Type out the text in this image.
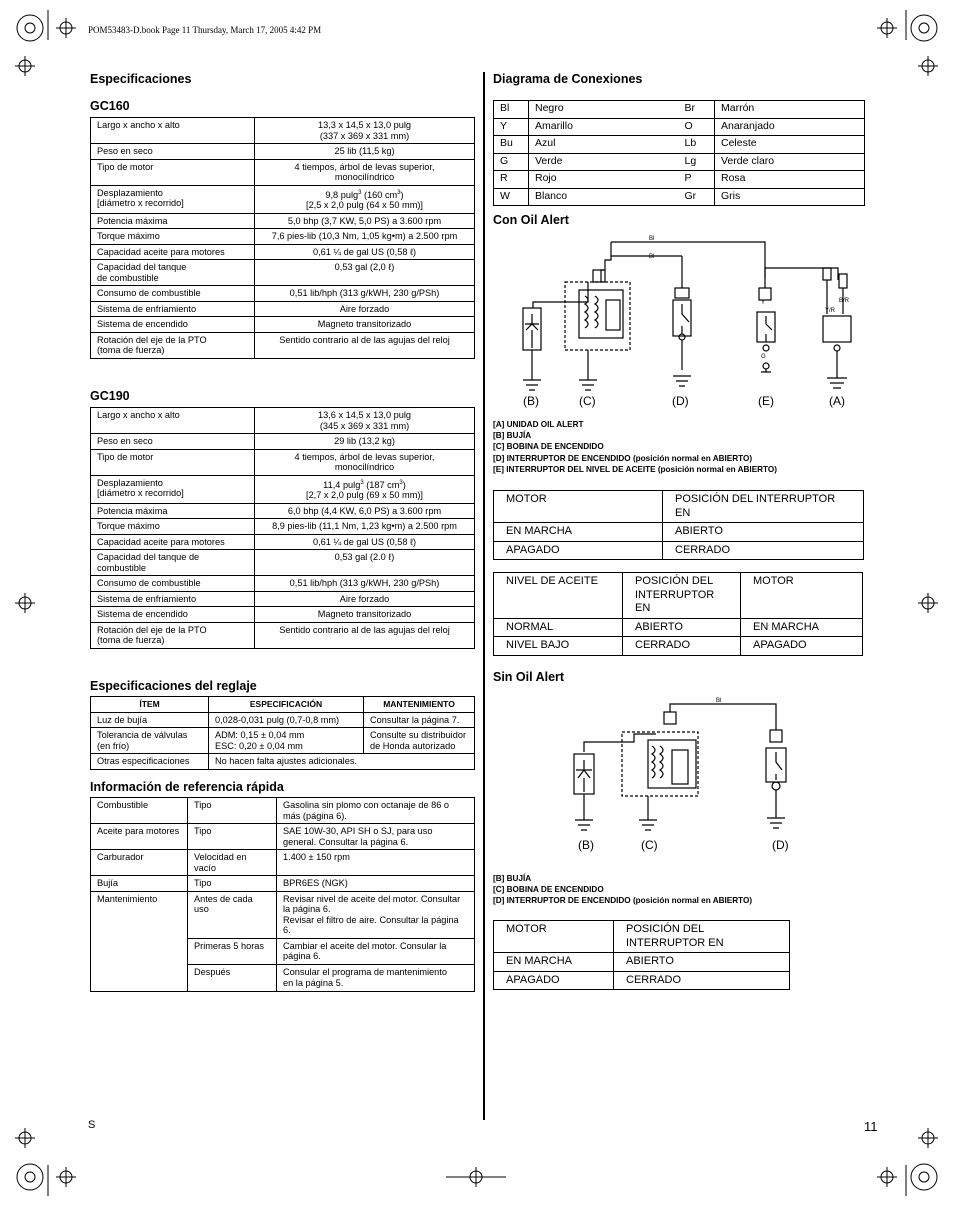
POM53483-D.book Page 11 Thursday, March 17, 2005 4:42 PM
Especificaciones
GC160
Largo x ancho x alto	13,3 x 14,5 x 13,0 pulg
(337 x 369 x 331 mm)
Peso en seco	25 lib (11,5 kg)
Tipo de motor	4 tiempos, árbol de levas superior,
monocilíndrico
Desplazamiento
[diámetro x recorrido]	9,8 pulg$^3$ (160 $cm^3$)
[2,5 x 2,0 pulg (64 x 50 mm)]
Potencia máxima	5,0 bhp (3,7 KW, 5,0 PS) a 3.600 rpm
Torque máximo	7,6 pies-lib (10,3 Nm, 1,05 kg•m) a 2.500 rpm
Capacidad aceite para motores	0,61 ¼ de gal US (0,58 ℓ)
Capacidad del tanque
de combustible	0,53 gal (2,0 ℓ)
Consumo de combustible	0,51 lib/hph (313 g/kWH, 230 g/PSh)
Sistema de enfriamiento	Aire forzado
Sistema de encendido	Magneto transitorizado
Rotación del eje de la PTO
(toma de fuerza)	Sentido contrario al de las agujas del reloj
GC190
Largo x ancho x alto	13,6 x 14,5 x 13,0 pulg
(345 x 369 x 331 mm)
Peso en seco	29 lib (13,2 kg)
Tipo de motor	4 tiempos, árbol de levas superior,
monocilíndrico
Desplazamiento
[diámetro x recorrido]	11,4 pulg$^3$ (187 $cm^3$)
[2,7 x 2,0 pulg (69 x 50 mm)]
Potencia máxima	6,0 bhp (4,4 KW, 6,0 PS) a 3.600 rpm
Torque máximo	8,9 pies-lib (11,1 Nm, 1,23 kg•m) a 2.500 rpm
Capacidad aceite para motores	0,61 ¼ de gal US (0,58 ℓ)
Capacidad del tanque de
combustible	0,53 gal (2.0 ℓ)
Consumo de combustible	0,51 lib/hph (313 g/kWH, 230 g/PSh)
Sistema de enfriamiento	Aire forzado
Sistema de encendido	Magneto transitorizado
Rotación del eje de la PTO
(toma de fuerza)	Sentido contrario al de las agujas del reloj
Especificaciones del reglaje
ÍTEM	ESPECIFICACIÓN	MANTENIMIENTO
Luz de bujía	0,028-0,031 pulg (0,7-0,8 mm)	Consultar la página 7.
Tolerancia de válvulas
(en frío)	ADM: 0,15 ± 0,04 mm
ESC: 0,20 ± 0,04 mm	Consulte su distribuidor
de Honda autorizado
Otras especificaciones	No hacen falta ajustes adicionales.	
Información de referencia rápida
Combustible	Tipo	Gasolina sin plomo con octanaje de 86 o
más (página 6).
Aceite para motores	Tipo	SAE 10W-30, API SH o SJ, para uso
general. Consultar la página 6.
Carburador	Velocidad en
vacío	1.400 ± 150 rpm
Bujía	Tipo	BPR6ES (NGK)
Mantenimiento	Antes de cada
uso	Revisar nivel de aceite del motor. Consultar
la página 6.
Revisar el filtro de aire. Consultar la página
6.
	Primeras 5 horas	Cambiar el aceite del motor. Consular la
página 6.
	Después	Consular el programa de mantenimiento
en la página 5.
Diagrama de Conexiones
Bl	Negro	Br	Marrón
Y	Amarillo	O	Anaranjado
Bu	Azul	Lb	Celeste
G	Verde	Lg	Verde claro
R	Rojo	P	Rosa
W	Blanco	Gr	Gris
Con Oil Alert
Bl
Bl
Y	B/R
Y/R
G
(B)	(C)	(D)	(E)	(A)
[A] UNIDAD OIL ALERT
[B] BUJÍA
[C] BOBINA DE ENCENDIDO
[D] INTERRUPTOR DE ENCENDIDO (posición normal en ABIERTO)
[E] INTERRUPTOR DEL NIVEL DE ACEITE (posición normal en ABIERTO)
MOTOR	POSICIÓN DEL INTERRUPTOR
EN
EN MARCHA	ABIERTO
APAGADO	CERRADO
NIVEL DE ACEITE	POSICIÓN DEL
INTERRUPTOR
EN	MOTOR
NORMAL	ABIERTO	EN MARCHA
NIVEL BAJO	CERRADO	APAGADO
Sin Oil Alert
Bl
(B)	(C)	(D)
[B] BUJÍA
[C] BOBINA DE ENCENDIDO
[D] INTERRUPTOR DE ENCENDIDO (posición normal en ABIERTO)
MOTOR	POSICIÓN DEL
INTERRUPTOR EN
EN MARCHA	ABIERTO
APAGADO	CERRADO
S	11
